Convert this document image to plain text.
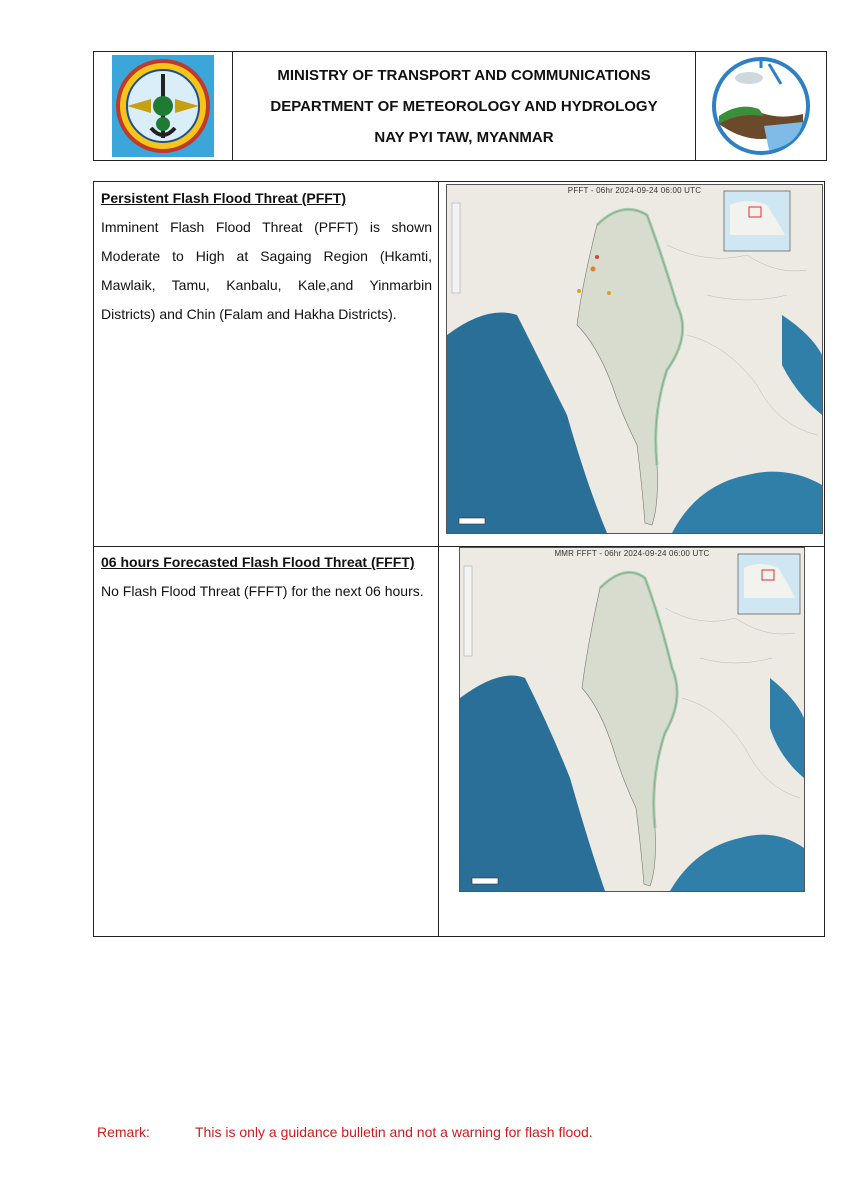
MINISTRY OF TRANSPORT AND COMMUNICATIONS
DEPARTMENT OF METEOROLOGY AND HYDROLOGY
NAY PYI TAW, MYANMAR
Persistent Flash Flood Threat (PFFT)
Imminent Flash Flood Threat (PFFT) is shown Moderate to High at Sagaing Region (Hkamti, Mawlaik, Tamu, Kanbalu, Kale,and Yinmarbin Districts) and Chin (Falam and Hakha Districts).
PFFT - 06hr 2024-09-24 06:00 UTC
06 hours Forecasted Flash Flood Threat (FFFT)
No Flash Flood Threat (FFFT) for the next 06 hours.
MMR FFFT - 06hr 2024-09-24 06:00 UTC
Remark:	This is only a guidance bulletin and not a warning for flash flood.
